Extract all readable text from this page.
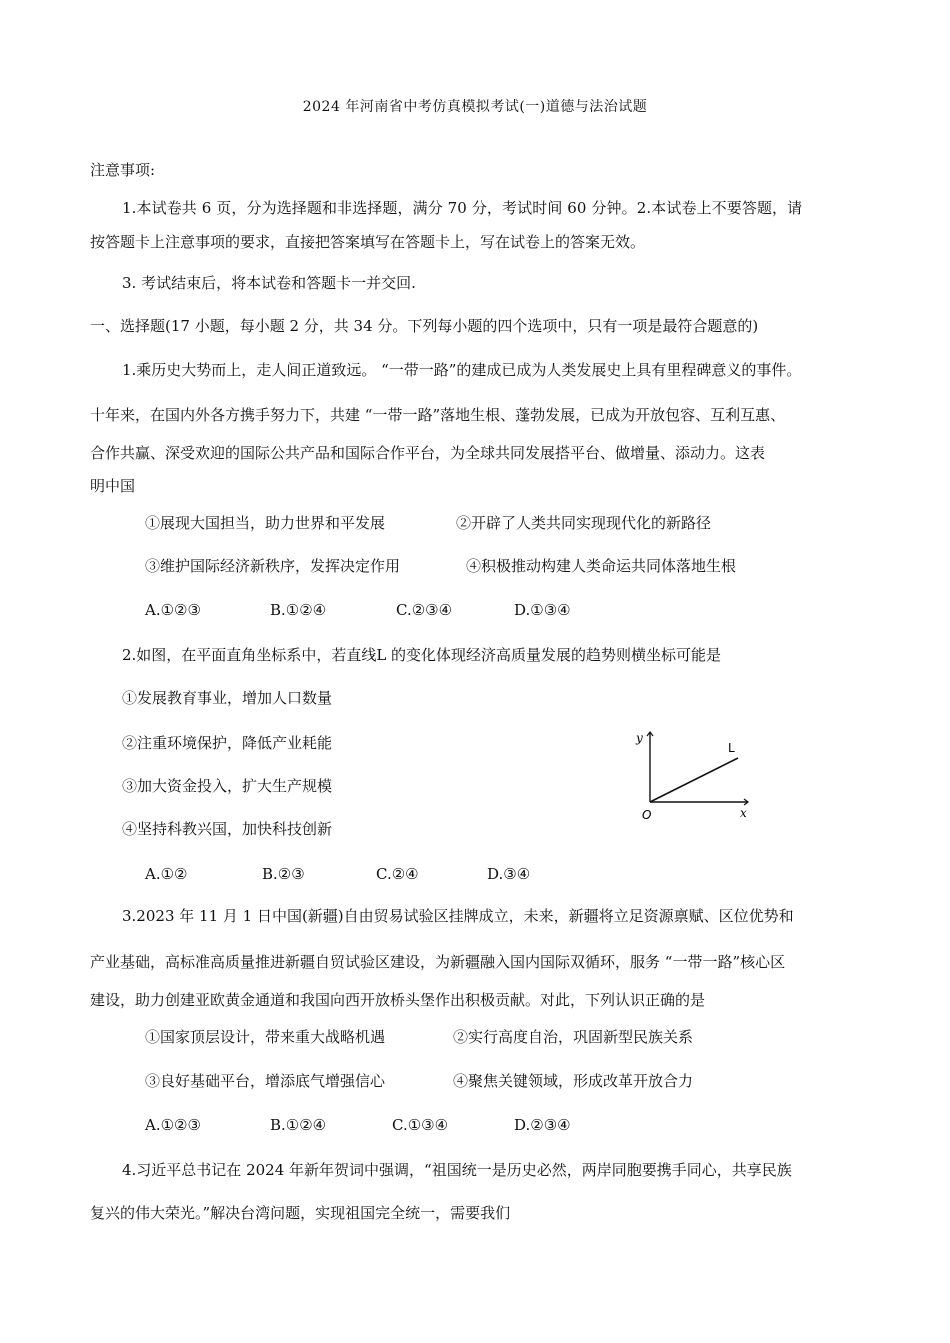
2024 年河南省中考仿真模拟考试(一)道德与法治试题
注意事项:
1.本试卷共 6 页，分为选择题和非选择题，满分 70 分，考试时间 60 分钟。2.本试卷上不要答题，请
按答题卡上注意事项的要求，直接把答案填写在答题卡上，写在试卷上的答案无效。
3. 考试结束后，将本试卷和答题卡一并交回.
一、选择题(17 小题，每小题 2 分，共 34 分。下列每小题的四个选项中，只有一项是最符合题意的)
1.乘历史大势而上，走人间正道致远。 “一带一路”的建成已成为人类发展史上具有里程碑意义的事件。
十年来，在国内外各方携手努力下，共建 “一带一路”落地生根、蓬勃发展，已成为开放包容、互利互惠、
合作共赢、深受欢迎的国际公共产品和国际合作平台，为全球共同发展搭平台、做增量、添动力。这表
明中国
①展现大国担当，助力世界和平发展	②开辟了人类共同实现现代化的新路径
③维护国际经济新秩序，发挥决定作用	④积极推动构建人类命运共同体落地生根
A.①②③	B.①②④	C.②③④	D.①③④
2.如图，在平面直角坐标系中，若直线L 的变化体现经济高质量发展的趋势则横坐标可能是
①发展教育事业，增加人口数量
②注重环境保护，降低产业耗能
③加大资金投入，扩大生产规模
④坚持科教兴国，加快科技创新
y
x
O
L
A.①②	B.②③	C.②④	D.③④
3.2023 年 11 月 1 日中国(新疆)自由贸易试验区挂牌成立，未来，新疆将立足资源禀赋、区位优势和
产业基础，高标准高质量推进新疆自贸试验区建设，为新疆融入国内国际双循环，服务 “一带一路”核心区
建设，助力创建亚欧黄金通道和我国向西开放桥头堡作出积极贡献。对此，下列认识正确的是
①国家顶层设计，带来重大战略机遇	②实行高度自治，巩固新型民族关系
③良好基础平台，增添底气增强信心	④聚焦关键领域，形成改革开放合力
A.①②③	B.①②④	C.①③④	D.②③④
4.习近平总书记在 2024 年新年贺词中强调，“祖国统一是历史必然，两岸同胞要携手同心，共享民族
复兴的伟大荣光。”解决台湾问题，实现祖国完全统一，需要我们
